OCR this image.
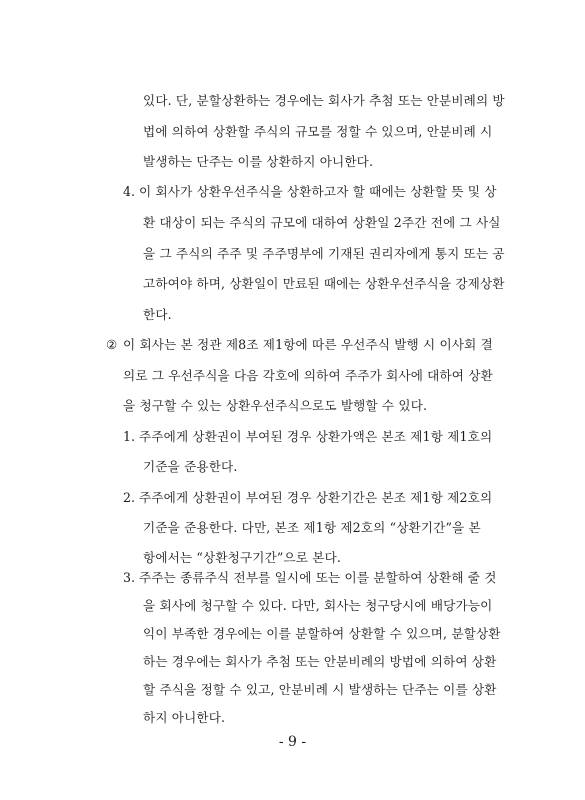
있다. 단, 분할상환하는 경우에는 회사가 추첨 또는 안분비례의 방
법에 의하여 상환할 주식의 규모를 정할 수 있으며, 안분비례 시
발생하는 단주는 이를 상환하지 아니한다.
4. 이 회사가 상환우선주식을 상환하고자 할 때에는 상환할 뜻 및 상
환 대상이 되는 주식의 규모에 대하여 상환일 2주간 전에 그 사실
을 그 주식의 주주 및 주주명부에 기재된 권리자에게 통지 또는 공
고하여야 하며, 상환일이 만료된 때에는 상환우선주식을 강제상환
한다.
② 이 회사는 본 정관 제8조 제1항에 따른 우선주식 발행 시 이사회 결
의로 그 우선주식을 다음 각호에 의하여 주주가 회사에 대하여 상환
을 청구할 수 있는 상환우선주식으로도 발행할 수 있다.
1. 주주에게 상환권이 부여된 경우 상환가액은 본조 제1항 제1호의
기준을 준용한다.
2. 주주에게 상환권이 부여된 경우 상환기간은 본조 제1항 제2호의
기준을 준용한다. 다만, 본조 제1항 제2호의 “상환기간”을 본
항에서는 “상환청구기간”으로 본다.
3. 주주는 종류주식 전부를 일시에 또는 이를 분할하여 상환해 줄 것
을 회사에 청구할 수 있다. 다만, 회사는 청구당시에 배당가능이
익이 부족한 경우에는 이를 분할하여 상환할 수 있으며, 분할상환
하는 경우에는 회사가 추첨 또는 안분비례의 방법에 의하여 상환
할 주식을 정할 수 있고, 안분비례 시 발생하는 단주는 이를 상환
하지 아니한다.
- 9 -
